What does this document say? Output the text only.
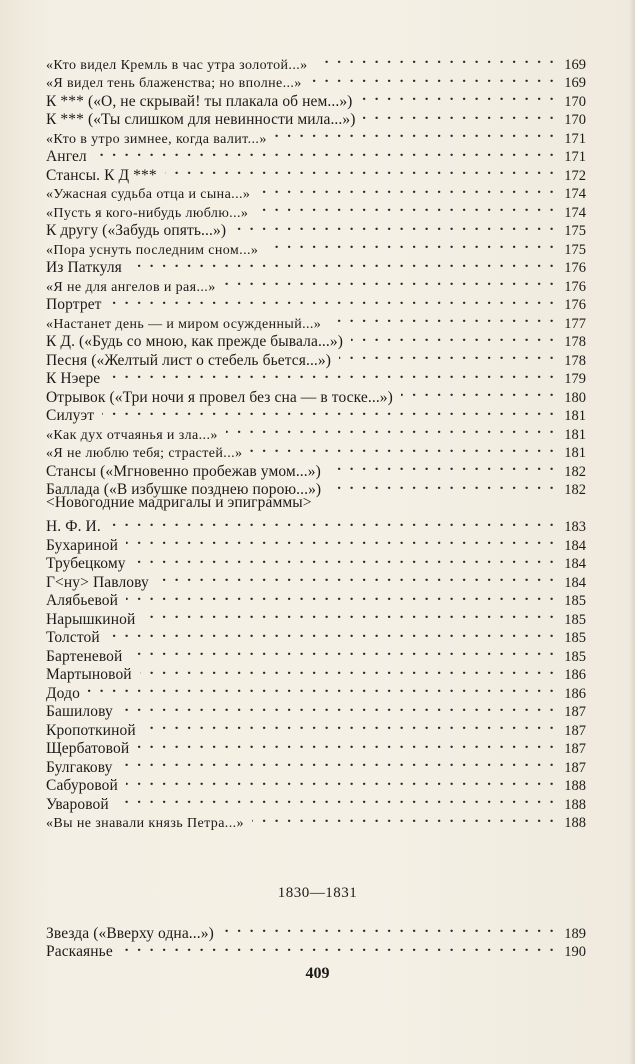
«Кто видел Кремль в час утра золотой...» . . .	169
«Я видел тень блаженства; но вполне...» . . .	169
К *** («О, не скрывай! ты плакала об нем...») . . .	170
К *** («Ты слишком для невинности мила...») . . .	170
«Кто в утро зимнее, когда валит...» . . .	171
Ангел . . .	171
Стансы. К Д *** . . .	172
«Ужасная судьба отца и сына...» . . .	174
«Пусть я кого-нибудь люблю...» . . .	174
К другу («Забудь опять...») . . .	175
«Пора уснуть последним сном...» . . .	175
Из Паткуля . . .	176
«Я не для ангелов и рая...» . . .	176
Портрет . . .	176
«Настанет день — и миром осужденный...» . . .	177
К Д. («Будь со мною, как прежде бывала...») . . .	178
Песня («Желтый лист о стебель бьется...») . . .	178
К Нэере . . .	179
Отрывок («Три ночи я провел без сна — в тоске...») . . .	180
Силуэт . . .	181
«Как дух отчаянья и зла...» . . .	181
«Я не люблю тебя; страстей...» . . .	181
Стансы («Мгновенно пробежав умом...») . . .	182
Баллада («В избушке позднею порою...») . . .	182
<Новогодние мадригалы и эпиграммы>
Н. Ф. И. . . .	183
Бухариной . . .	184
Трубецкому . . .	184
Г<ну> Павлову . . .	184
Алябьевой . . .	185
Нарышкиной . . .	185
Толстой . . .	185
Бартеневой . . .	185
Мартыновой . . .	186
Додо . . .	186
Башилову . . .	187
Кропоткиной . . .	187
Щербатовой . . .	187
Булгакову . . .	187
Сабуровой . . .	188
Уваровой . . .	188
«Вы не знавали князь Петра...» . . .	188
1830—1831
Звезда («Вверху одна...») . . .	189
Раскаянье . . .	190
409
